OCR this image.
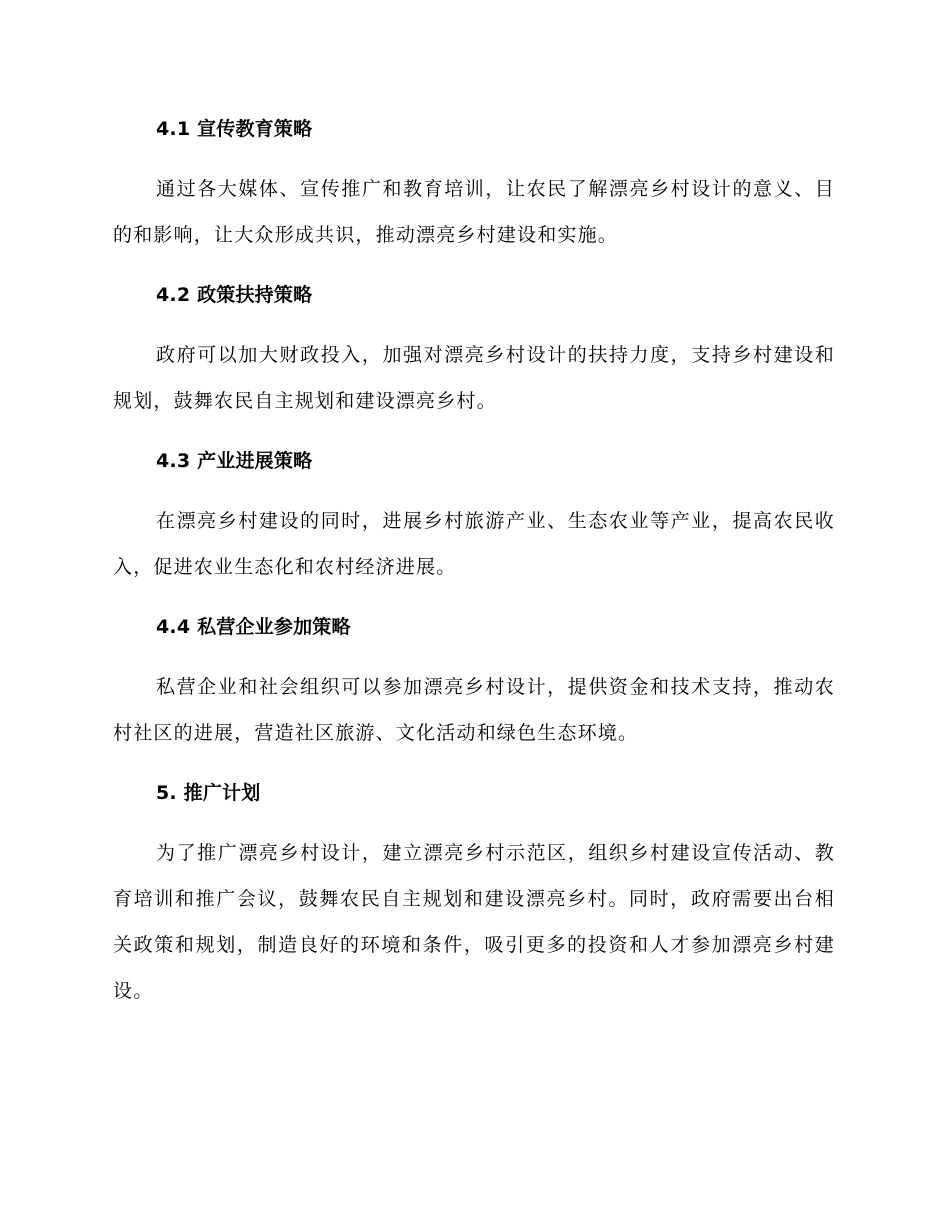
4.1 宣传教育策略

通过各大媒体、宣传推广和教育培训，让农民了解漂亮乡村设计的意义、目的和影响，让大众形成共识，推动漂亮乡村建设和实施。

4.2 政策扶持策略

政府可以加大财政投入，加强对漂亮乡村设计的扶持力度，支持乡村建设和规划，鼓舞农民自主规划和建设漂亮乡村。

4.3 产业进展策略

在漂亮乡村建设的同时，进展乡村旅游产业、生态农业等产业，提高农民收入，促进农业生态化和农村经济进展。

4.4 私营企业参加策略

私营企业和社会组织可以参加漂亮乡村设计，提供资金和技术支持，推动农村社区的进展，营造社区旅游、文化活动和绿色生态环境。

5. 推广计划

为了推广漂亮乡村设计，建立漂亮乡村示范区，组织乡村建设宣传活动、教育培训和推广会议，鼓舞农民自主规划和建设漂亮乡村。同时，政府需要出台相关政策和规划，制造良好的环境和条件，吸引更多的投资和人才参加漂亮乡村建设。
